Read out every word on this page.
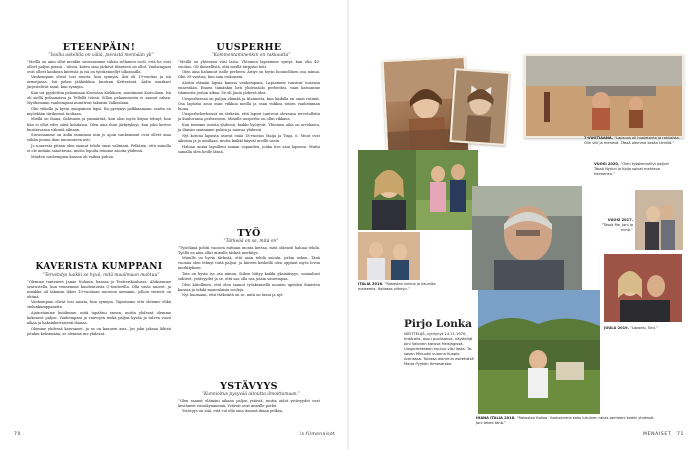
ETEENPÄIN!

”Isoilla askelilla on väliä, pienistä mennään yli”

”Meillä on aina ollut meidän suvussamme vähän sellainen rooli, että he ovat olleet paljon poissa – töissä, kuten oma järkevä tilanteen on ollut. Vanhempani ovat olleet kauhean kiireisiä ja isä on työskennellyt ulkomailla.

Vanhempani olivat tosi nuoria, kun synnyin. Äiti oli 19-vuotias ja isä armeijassa. Isä pelasi jääkiekkoa Imatran Ketterässä. Äidin sisarkset järjestelivät asiat, kun synnyin.

Kun isä pyydettiin pelaamaan Koovolan Kiekkoon, muutimme Kouvolaan. Isä oli siellä pelaamassa ja Tellellä töissä. Sillon pelaamisesta ei saanut rahaa. Myöhemmin vanhempani muuttivat takaisin Valkealaan.

Olin viikolla ja hyvin omapäinen lapsi. En pystynyt palkkaamaan, mutta en myöskään tiirikoinut tuoltaan.

Mielki on ihana, ilahtunen ja ymmärtää, kun olen myös kirjan tehnyt, kun hän ei ollut edes siinä kohdassa. Olen aina ihan järkytyksyt, kun joku kertoo kurittavansa vähintä aihiaan.

Suvussamme on äidin mummoa niin jo ajoin vanhemmat ovat olleet aina vähän poissa ihan nuoruuteen asti.

Jo nuoresta pitäen olen saanut tehdä omat valintani. Pelkäsin, että minulla ei ole mitään sanottavaa, mutta lopulta teimme asioita yhdessä.

Muiden vanhempien kanssa oli vaikea puhua.

KAVERISTA KUMPPANI

”Tervehdys kaikki se hyvä, mitä maailmaan mahtuu”

”Olemme tunteneet Jamie Nolanin, kanssa jo Teatterikoulussa. Aluksemme seurustella, kun vennemme kuudentoista Q-teatterilla. Olla vasta nuoret, ja nimikka oli takaisin lähes 10-vuotiaan nuorena aiemmin, jolloin vinterit on ehtinä.

Vanhempani olivat tosi nuoria, kun synnyin. Tajusimme että olemme ehkä sielunkumppaneita.

Ajatustamme kuulimme, mitä tapahtui ennen, mutta yhdessä olemme kokeneet paljon. Vanhempani ja vauvojen mekä paljon hyvää ja tuleva vuosi aikaa ja kaksinkertaisesti ihanaa.

Olemme yhdessä kasvaneet, ja se on kaunein asia. Jos joku jaksaa lähteä jotakin keksimään, se olemme me yhdessä.

UUSPERHE

”Kommentaminenkin on rakkautta”

”Meillä on yhteensä viisi lasta. Yhteinen lapsemme syntyi, kun olin 40-vuotias. Oli ihmeellistä, että meillä tärppäsi heti.

Olen aina halunnut isolle perheen. Äitiys on hyvin luonnollinen osa minua. Olin 35-vuotias, kun sain esikoiseni.

Aloitin elämän lapsia kanssa vanhempana. Lapsemme tunsivat toisensa ennestään. Ennen tämänkin heti yhdessäolo perheeksi, vaan katsomme tilannetta joulun aikaa. Se oli Janin järkevä idea.

Uusperheessä on paljon elämää ja tilannetta, kun kaikilla on omat rutiinit. Osa lapsista asuu osan viikkoa meillä ja osan viikkoa toisen vanhemman luona.

Uusperheherheissä on tärkeää, että lapset tuntevat olevansa tervetulleita ja kuuluvansa perheeseen. Minulle uusperhe on ollut rikkaus.

Kun teemme asioita yhdessä, kaikki hyötyvät. Yhteinen aika on arvokasta, ja iltaisin saatamme pelata ja nauraa yhdessä.

Nyt kotona lapsista asuvat enää 18-vuotias Maija ja Tinja, 6. Muut ovat aikuisia ja jo omillaan, mutta kaikki käyvät meillä usein.

Haluan antaa lapsilleni saman vapauden, jonka itse sain lapsena. Mutta samalla olen heille läsnä.

TYÖ

”Tärkeää on se, mitä on”

”Työelämä pohtii vuosien mittaan monta kertaa, mitä oikeasti haluaa tehdä. Työllä on aina ollut minulle tärkeä merkitys.

Minulle on hyvin tärkeää, että saan tehdä asioita, joihin uskon. Tänä vuonna olen tehnyt töitä paljon, ja kiireen keskellä olen oppinut myös levon merkityksen.

Tein on hyvin iso osa minua. Siihen liittyy kaikki yksinäisyys, sosiaaliset suhteet, ystävyydet ja se, että saa olla osa jotain suurempaa.

Olen kiitollinen, että olen saanut työskennellä monien upeiden ihmisten kanssa ja tehdä monenlaisia rooleja.

Nyt huomaan, että tärkeintä on se, mitä on tässä ja nyt.

YSTÄVYYS

”Kunnioitus pysyvää aitoutta ilmoittamaan.”

”Olen saanut elämäni aikana paljon ystäviä, mutta aidot ystävyydet ovat kestäneet vuosikymmeniä. Ystävät ovat minulle perhe.

Ystävyys on sitä, että voi olla oma itsensä ilman pelkoa.

70	is.fi/menaiset
7-VUOTIAANA. ”Lapsuus oli huoletonta ja rakkaista. Olin villi ja menevä. Tässä olemme kesän tiimillä.”
ITALIA 2016. ”Rakastan kukkia ja kauniita maisemia. Italiassa viihdyn.”
VUOSI 2020. ”Olen työskennellyt paljon! Tässä Nyrkin ja Kaija saivat mahtava helmenen.”
VUOSI 2017. ”Tässä Me, Jani ja minä.”
JOULU 2019. ”Lapsesi, Toni.”
Pirjo Lonka

NÄYTTELIJÄ, syntynyt 14.11.1970, Imatralla, asuu puolisonsa, näyttelijä Joni Valonen kanssa Helsingissä. Uusperheeseen kuuluu viisi lasta. Ta-sasen Minuutti vuonna Kuopio Arenassa. Tulossa aiemmin esitettävä Marja Pyykön Ihmesärkko.

IHANA ITALIA 2016. ”Rakastan Italiaa. Vuoksamme koko lukuinen rakas perheeni kaikki yhdessä. Joni tekee tänä.”
MENAISET 71
